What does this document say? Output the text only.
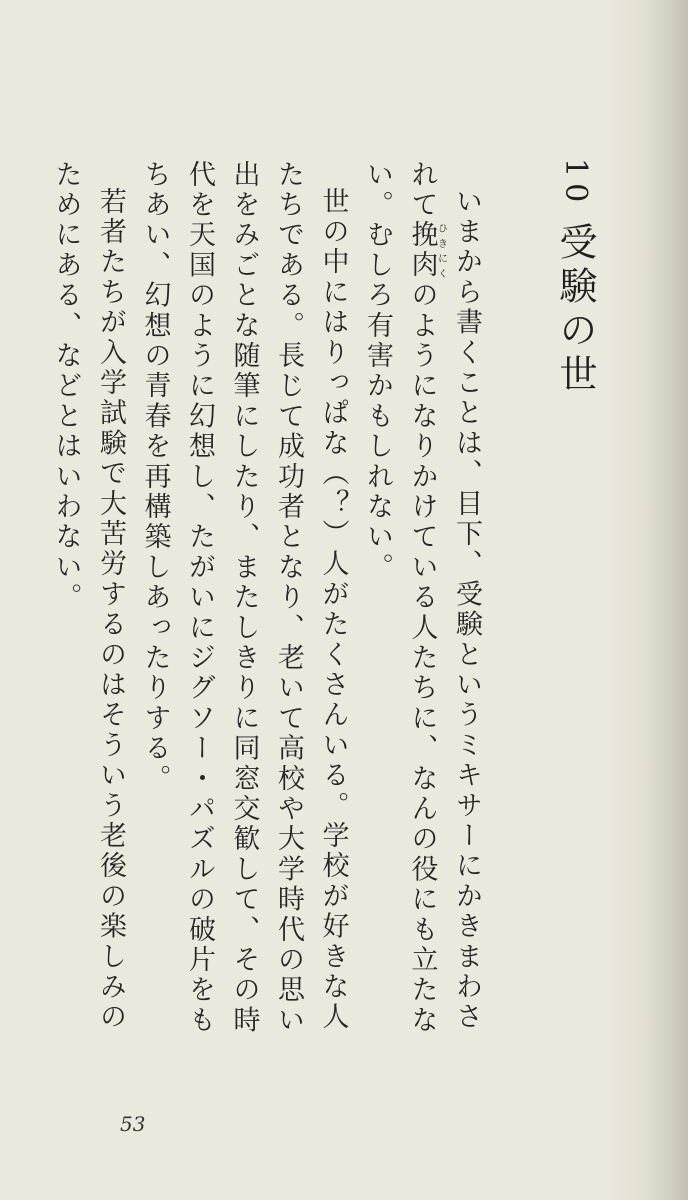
10受験の世

いまから書くことは、目下、受験というミキサーにかきまわされて挽肉ひきにくのようになりかけている人たちに、なんの役にも立たない。むしろ有害かもしれない。

世の中にはりっぱな（？）人がたくさんいる。学校が好きな人たちである。長じて成功者となり、老いて高校や大学時代の思い出をみごとな随筆にしたり、またしきりに同窓交歓して、その時代を天国のように幻想し、たがいにジグソー・パズルの破片をもちあい、幻想の青春を再構築しあったりする。

若者たちが入学試験で大苦労するのはそういう老後の楽しみのためにある、などとはいわない。

53
